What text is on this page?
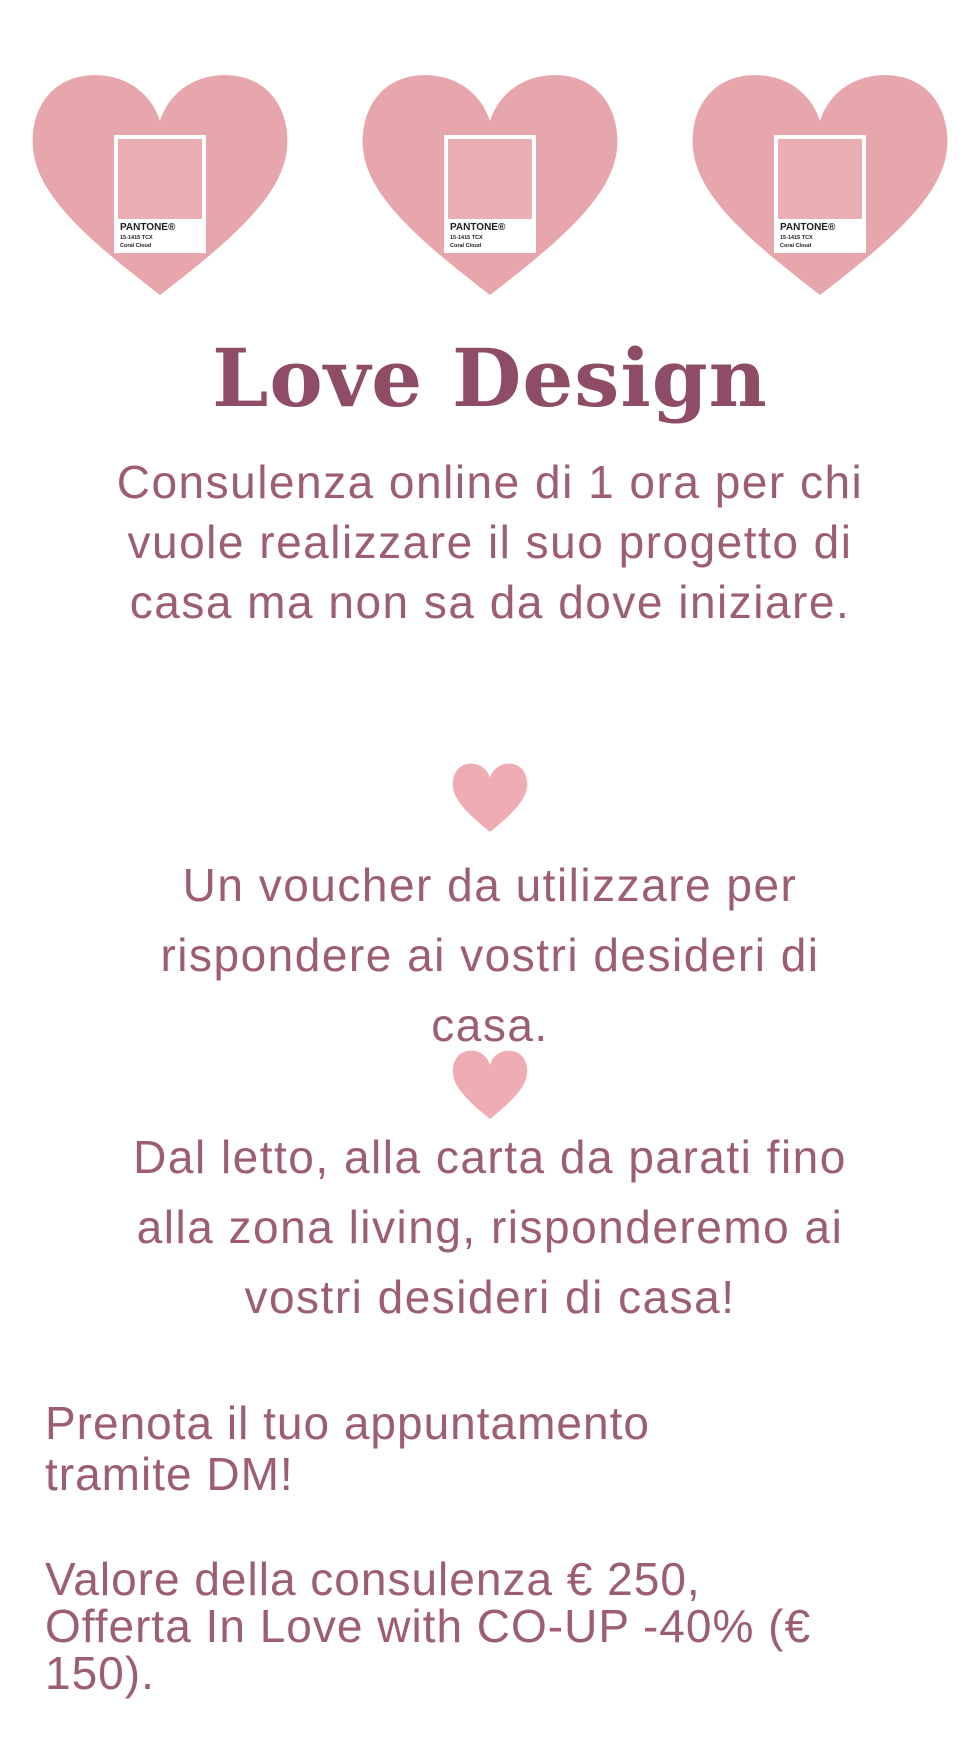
PANTONE®
15-1415 TCX
Coral Cloud
PANTONE®
15-1415 TCX
Coral Cloud
PANTONE®
15-1415 TCX
Coral Cloud
Love Design
Consulenza online di 1 ora per chi
vuole realizzare il suo progetto di
casa ma non sa da dove iniziare.
Un voucher da utilizzare per
rispondere ai vostri desideri di
casa.
Dal letto, alla carta da parati fino
alla zona living, risponderemo ai
vostri desideri di casa!
Prenota il tuo appuntamento
tramite DM!
Valore della consulenza € 250,
Offerta In Love with CO-UP -40% (€
150).
